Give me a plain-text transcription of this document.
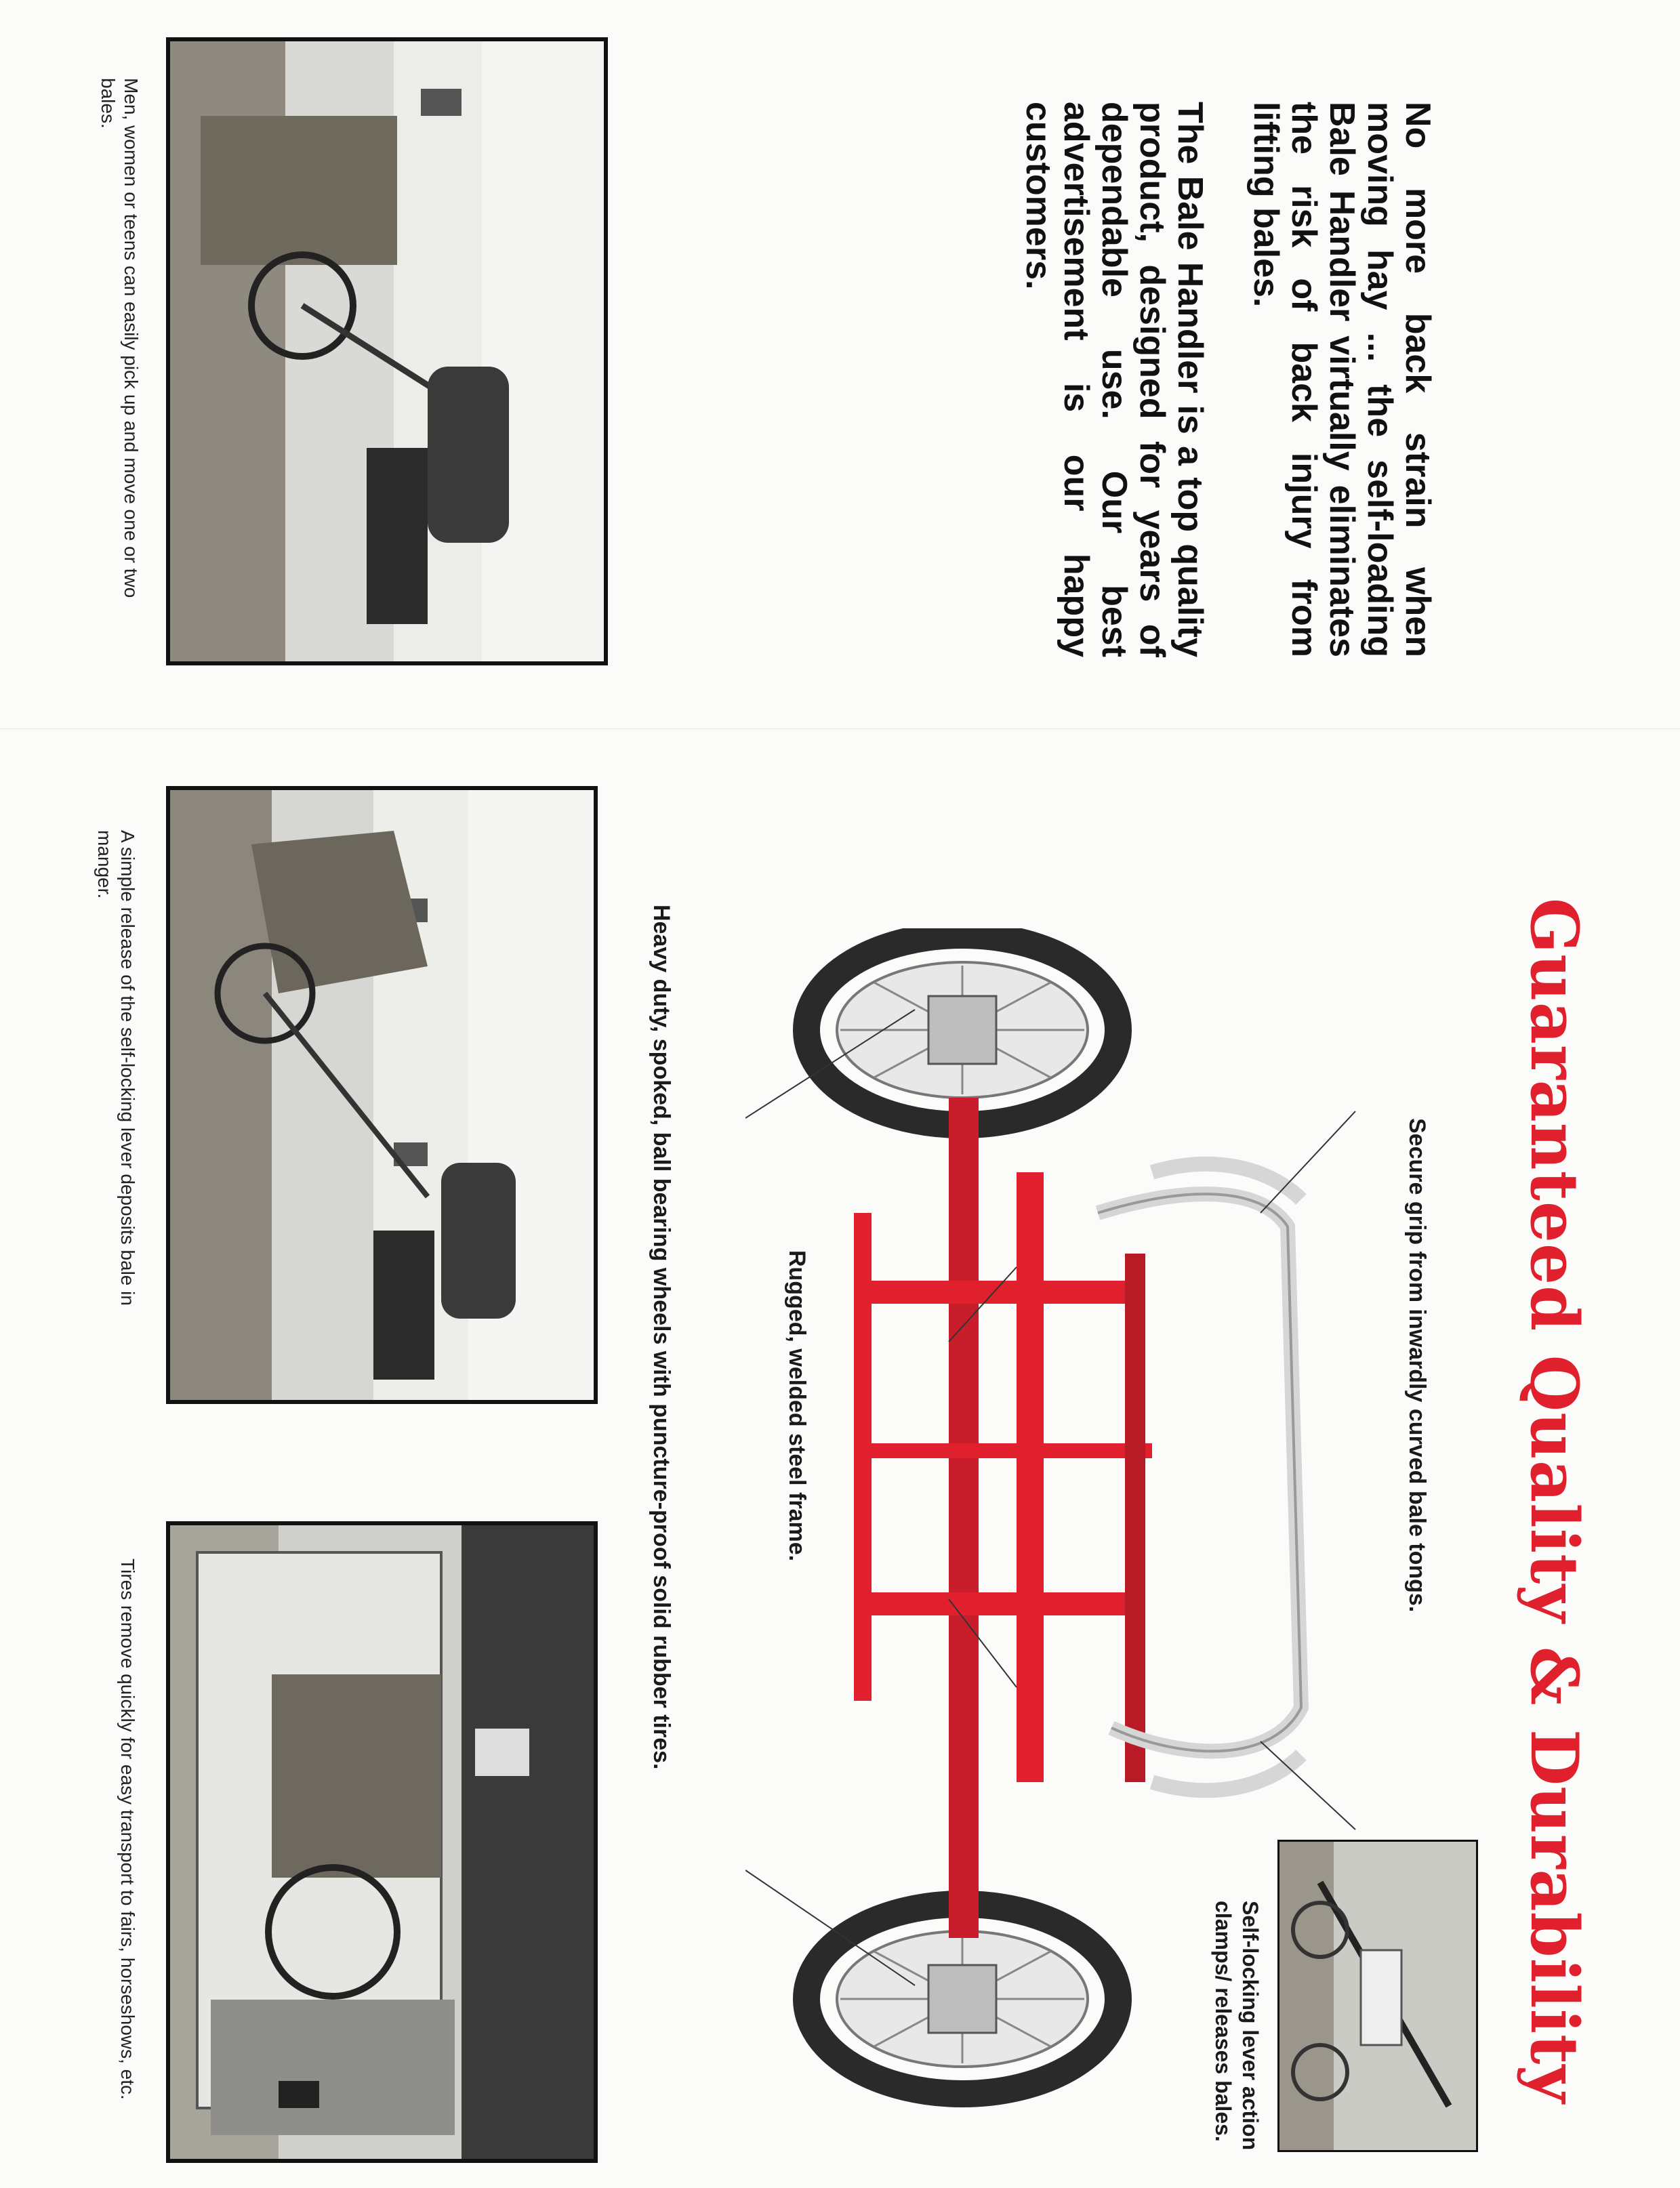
No more back strain when moving hay ... the self-loading Bale Handler virtually eliminates the risk of back injury from lifting bales.

The Bale Handler is a top quality product, designed for years of dependable use. Our best advertisement is our happy customers.

Men, women or teens can easily pick up and move one or two bales.
Guaranteed Quality & Durability
Secure grip from inwardly curved bale tongs.
Rugged, welded steel frame.
Heavy duty, spoked, ball bearing wheels with puncture-proof solid rubber tires.
Self-locking lever action clamps/ releases bales.
A simple release of the self-locking lever deposits bale in manger.
Tires remove quickly for easy transport to fairs, horseshows, etc.
